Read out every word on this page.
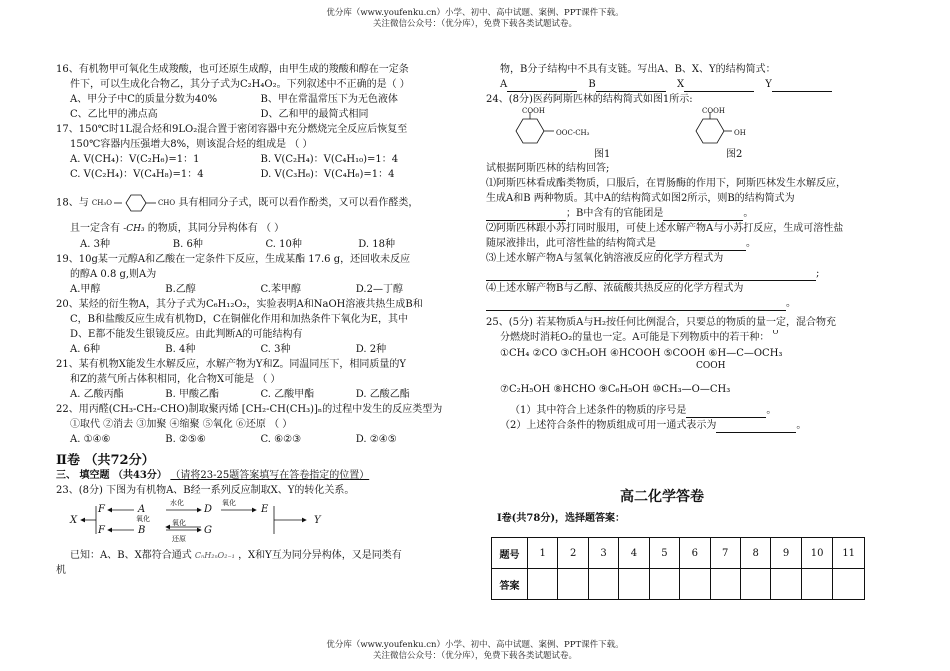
优分库（www.youfenku.cn）小学、初中、高中试题、案例、PPT课件下载。
关注微信公众号：（优分库），免费下载各类试题试卷。
优分库（www.youfenku.cn）小学、初中、高中试题、案例、PPT课件下载。
关注微信公众号：（优分库），免费下载各类试题试卷。

16、有机物甲可氧化生成羧酸，也可还原生成醇，由甲生成的羧酸和醇在一定条

件下，可以生成化合物乙，其分子式为C₂H₄O₂。下列叙述中不正确的是（ ）

A、甲分子中C的质量分数为40%	B、甲在常温常压下为无色液体
C、乙比甲的沸点高	D、乙和甲的最简式相同

17、150℃时1L混合烃和9LO₂混合置于密闭容器中充分燃烧完全反应后恢复至

150℃容器内压强增大8%，则该混合烃的组成是 （ ）

A. V(CH₄)：V(C₂H₆)=1：1	B. V(C₂H₄)：V(C₄H₁₀)=1：4
C. V(C₂H₄)：V(C₄H₈)=1：4	D. V(C₃H₆)：V(C₄H₆)=1：4

18、与 CH₃O	CHO 具有相同分子式，既可以看作酚类，又可以看作醛类，

且一定含有 -CH₃ 的物质，其同分异构体有 （ ）

A. 3种	B. 6种	C. 10种	D. 18种

19、10g某一元醇A和乙酸在一定条件下反应，生成某酯 17.6 g，还回收未反应

的醇A 0.8 g,则A为

A.甲醇	B.乙醇	C.苯甲醇	D.2—丁醇

20、某烃的衍生物A，其分子式为C₆H₁₂O₂，实验表明A和NaOH溶液共热生成B和

C，B和盐酸反应生成有机物D，C在铜催化作用和加热条件下氧化为E，其中

D、E都不能发生银镜反应。由此判断A的可能结构有

A. 6种	B. 4种	C. 3种	D. 2种

21、某有机物X能发生水解反应，水解产物为Y和Z。同温同压下，相同质量的Y

和Z的蒸气所占体积相同，化合物X可能是 （ ）

A. 乙酸丙酯	B. 甲酸乙酯	C. 乙酸甲酯	D. 乙酸乙酯

22、用丙醛(CH₃-CH₂-CHO)制取聚丙烯 [CH₂-CH(CH₃)]ₙ的过程中发生的反应类型为

①取代 ②消去 ③加聚 ④缩聚 ⑤氧化 ⑥还原 （ ）

A. ①④⑥	B. ②⑤⑥	C. ⑥②③	D. ②④⑤

Ⅱ卷 （共72分）

三、 填空题 （共43分） （请将23-25题答案填写在答卷指定的位置）

23、(8分) 下图为有机物A、B经一系列反应制取X、Y的转化关系。

X
F	A	D	E
F	B	G
Y
水化	氧化
氧化	氧化
还原

已知：A、B、X都符合通式 CₙH₂ₙO₂₋₁ ，X和Y互为同分异构体，又是同类有

机

物，B分子结构中不具有支链。写出A、B、X、Y的结构简式：

A	B	X	Y

24、(8分)医药阿斯匹林的结构简式如图1所示:

COOH
OOC-CH₃
COOH
OH
图1	图2

试根据阿斯匹林的结构回答;

⑴阿斯匹林看成酯类物质，口服后，在胃肠酶的作用下，阿斯匹林发生水解反应，

生成A和B 两种物质。其中A的结构简式如图2所示，则B的结构简式为

；B中含有的官能团是	。

⑵阿斯匹林跟小苏打同时服用，可使上述水解产物A与小苏打反应，生成可溶性盐

随尿液排出，此可溶性盐的结构简式是	。

⑶上述水解产物A与氢氧化钠溶液反应的化学方程式为

;

⑷上述水解产物B与乙醇、浓硫酸共热反应的化学方程式为

。

25、(5分) 若某物质A与H₂按任何比例混合，只要总的物质的量一定，混合物充

分燃烧时消耗O₂的量也一定。A可能是下列物质中的若干种： $^O$

①CH₄ ②CO ③CH₃OH ④HCOOH ⑤COOH ⑥H—C—OCH₃

COOH

⑦C₂H₅OH ⑧HCHO ⑨C₆H₅OH ⑩CH₃—O—CH₃

（1）其中符合上述条件的物质的序号是	。

（2）上述符合条件的物质组成可用一通式表示为	。

高二化学答卷
Ⅰ卷(共78分)，选择题答案：
题号	1	2	3	4	5	6	7	8	9	10	11
答案											
